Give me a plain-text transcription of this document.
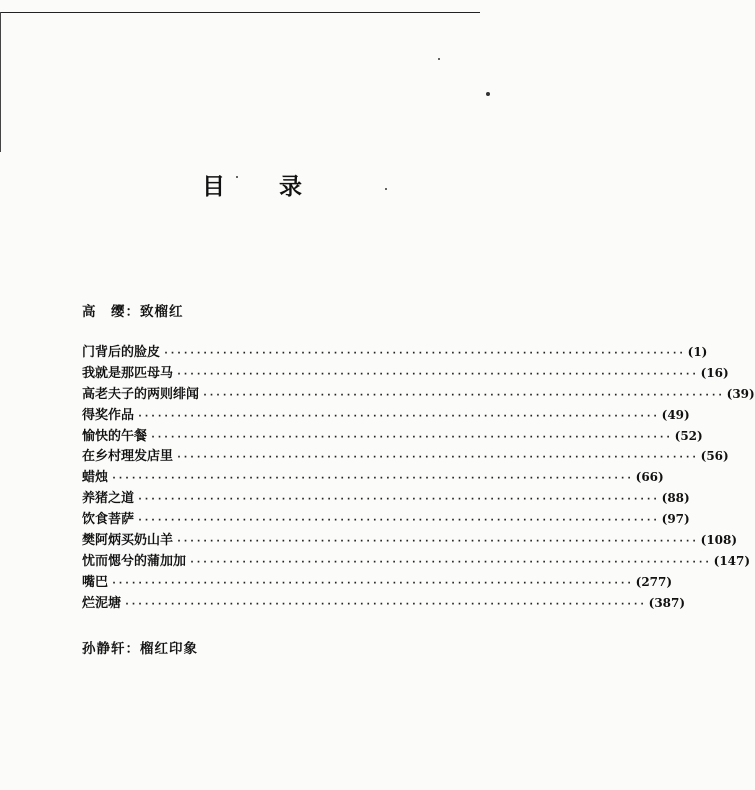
目 录
高　缨：致榴红
门背后的脸皮 ················································································ (1)
我就是那匹母马 ················································································ (16)
高老夫子的两则绯闻 ················································································ (39)
得奖作品 ················································································ (49)
愉快的午餐 ················································································ (52)
在乡村理发店里 ················································································ (56)
蜡烛 ················································································ (66)
养猪之道 ················································································ (88)
饮食菩萨 ················································································ (97)
樊阿炳买奶山羊 ················································································ (108)
忧而愢兮的蒲加加 ················································································ (147)
嘴巴 ················································································ (277)
烂泥塘 ················································································ (387)
孙静轩：榴红印象
